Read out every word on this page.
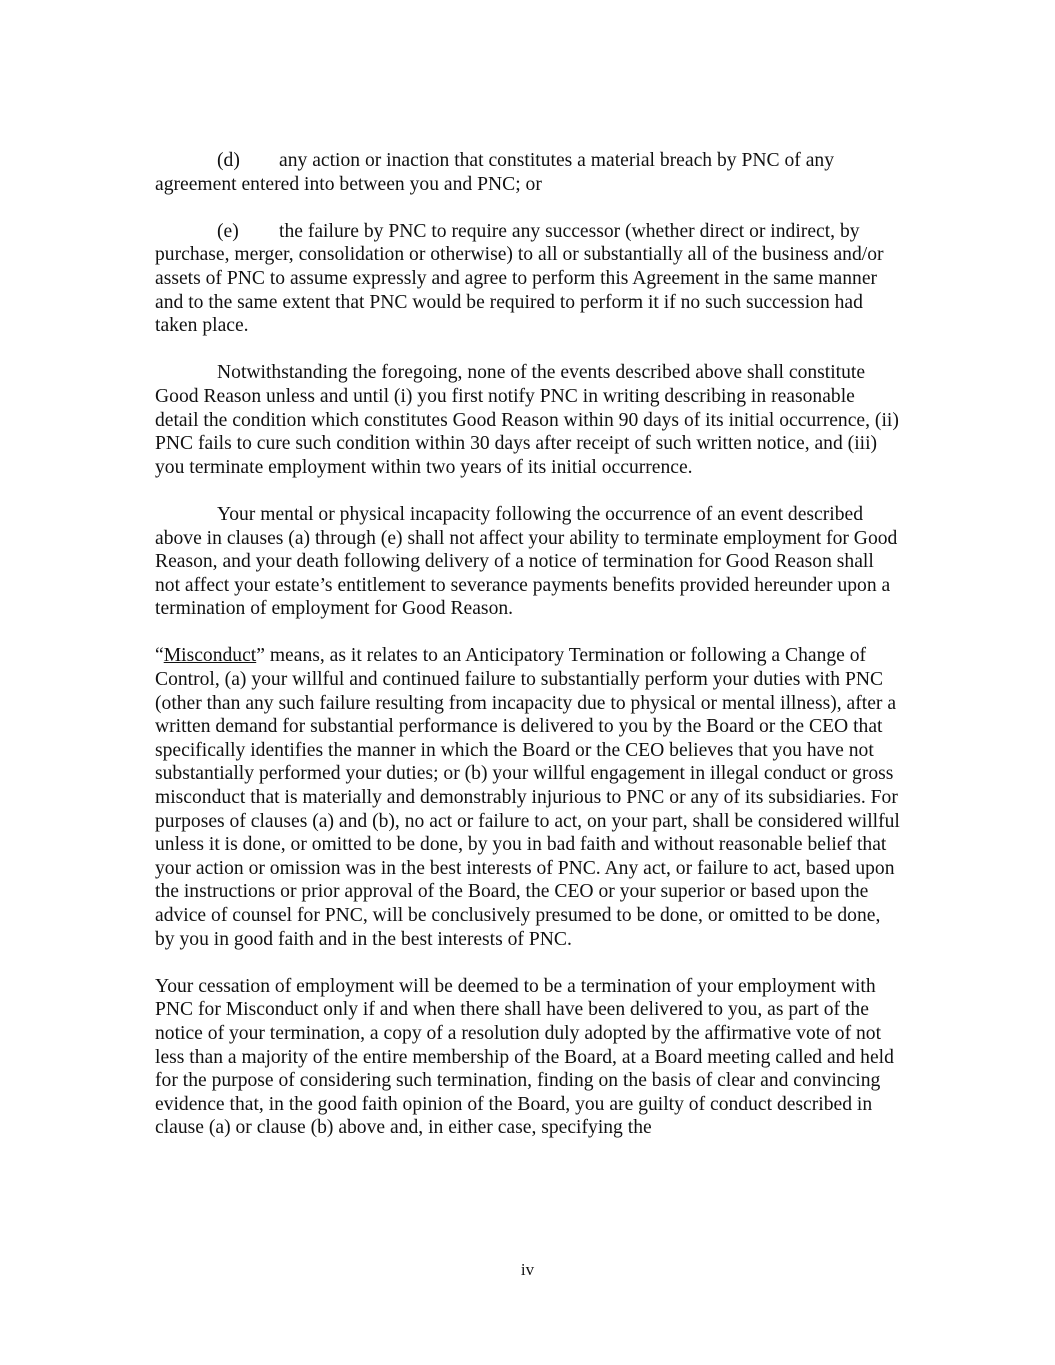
(d) any action or inaction that constitutes a material breach by PNC of any agreement entered into between you and PNC; or

(e) the failure by PNC to require any successor (whether direct or indirect, by purchase, merger, consolidation or otherwise) to all or substantially all of the business and/or assets of PNC to assume expressly and agree to perform this Agreement in the same manner and to the same extent that PNC would be required to perform it if no such succession had taken place.

Notwithstanding the foregoing, none of the events described above shall constitute Good Reason unless and until (i) you first notify PNC in writing describing in reasonable detail the condition which constitutes Good Reason within 90 days of its initial occurrence, (ii) PNC fails to cure such condition within 30 days after receipt of such written notice, and (iii) you terminate employment within two years of its initial occurrence.

Your mental or physical incapacity following the occurrence of an event described above in clauses (a) through (e) shall not affect your ability to terminate employment for Good Reason, and your death following delivery of a notice of termination for Good Reason shall not affect your estate’s entitlement to severance payments benefits provided hereunder upon a termination of employment for Good Reason.

“Misconduct” means, as it relates to an Anticipatory Termination or following a Change of Control, (a) your willful and continued failure to substantially perform your duties with PNC (other than any such failure resulting from incapacity due to physical or mental illness), after a written demand for substantial performance is delivered to you by the Board or the CEO that specifically identifies the manner in which the Board or the CEO believes that you have not substantially performed your duties; or (b) your willful engagement in illegal conduct or gross misconduct that is materially and demonstrably injurious to PNC or any of its subsidiaries. For purposes of clauses (a) and (b), no act or failure to act, on your part, shall be considered willful unless it is done, or omitted to be done, by you in bad faith and without reasonable belief that your action or omission was in the best interests of PNC. Any act, or failure to act, based upon the instructions or prior approval of the Board, the CEO or your superior or based upon the advice of counsel for PNC, will be conclusively presumed to be done, or omitted to be done, by you in good faith and in the best interests of PNC.

Your cessation of employment will be deemed to be a termination of your employment with PNC for Misconduct only if and when there shall have been delivered to you, as part of the notice of your termination, a copy of a resolution duly adopted by the affirmative vote of not less than a majority of the entire membership of the Board, at a Board meeting called and held for the purpose of considering such termination, finding on the basis of clear and convincing evidence that, in the good faith opinion of the Board, you are guilty of conduct described in clause (a) or clause (b) above and, in either case, specifying the

iv
